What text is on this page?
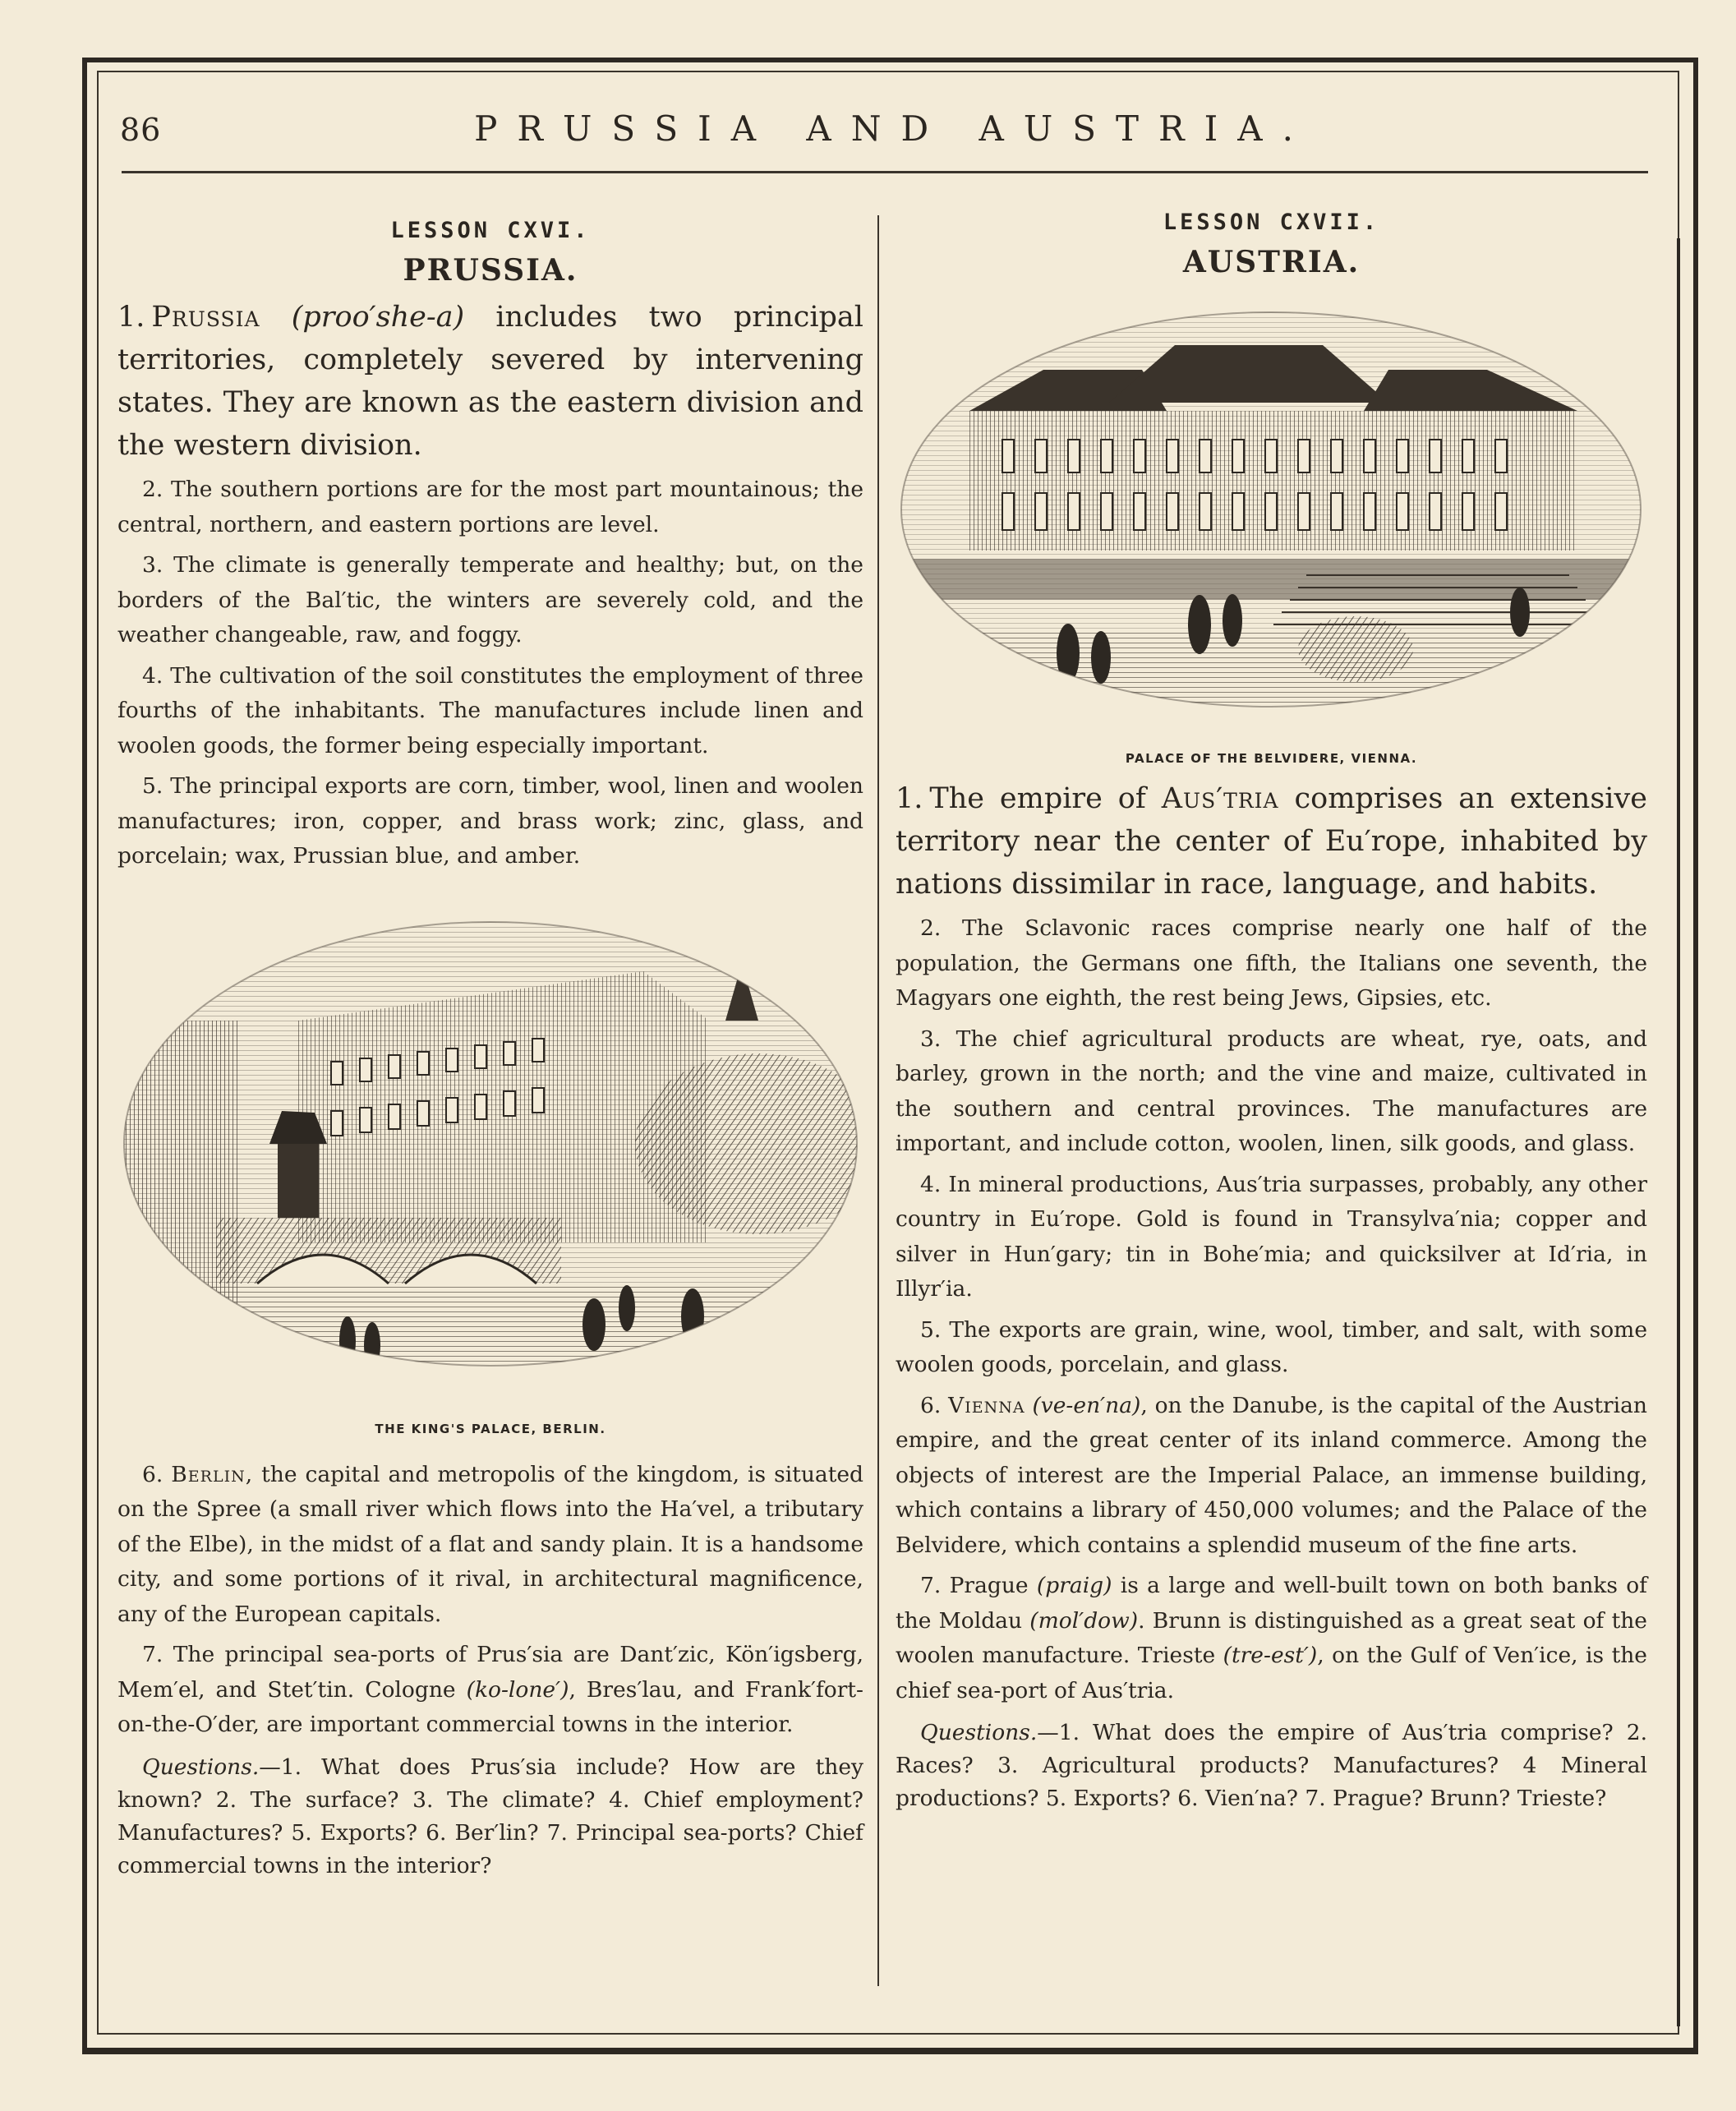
86	PRUSSIA AND AUSTRIA.
LESSON CXVI.
PRUSSIA.

1. Prussia (proo′she-a) includes two principal territories, completely severed by intervening states. They are known as the eastern division and the western division.

2. The southern portions are for the most part mountainous; the central, northern, and eastern portions are level.

3. The climate is generally temperate and healthy; but, on the borders of the Bal′tic, the winters are severely cold, and the weather changeable, raw, and foggy.

4. The cultivation of the soil constitutes the employment of three fourths of the inhabitants. The manufactures include linen and woolen goods, the former being especially important.

5. The principal exports are corn, timber, wool, linen and woolen manufactures; iron, copper, and brass work; zinc, glass, and porcelain; wax, Prussian blue, and amber.

THE KING'S PALACE, BERLIN.

6. Berlin, the capital and metropolis of the kingdom, is situated on the Spree (a small river which flows into the Ha′vel, a tributary of the Elbe), in the midst of a flat and sandy plain. It is a handsome city, and some portions of it rival, in architectural magnificence, any of the European capitals.

7. The principal sea-ports of Prus′sia are Dant′zic, Kön′igsberg, Mem′el, and Stet′tin. Cologne (ko-lone′), Bres′lau, and Frank′fort-on-the-O′der, are important commercial towns in the interior.

Questions.—1. What does Prus′sia include? How are they known? 2. The surface? 3. The climate? 4. Chief employment? Manufactures? 5. Exports? 6. Ber′lin? 7. Principal sea-ports? Chief commercial towns in the interior?

LESSON CXVII.
AUSTRIA.

PALACE OF THE BELVIDERE, VIENNA.

1. The empire of Aus′tria comprises an extensive territory near the center of Eu′rope, inhabited by nations dissimilar in race, language, and habits.

2. The Sclavonic races comprise nearly one half of the population, the Germans one fifth, the Italians one seventh, the Magyars one eighth, the rest being Jews, Gipsies, etc.

3. The chief agricultural products are wheat, rye, oats, and barley, grown in the north; and the vine and maize, cultivated in the southern and central provinces. The manufactures are important, and include cotton, woolen, linen, silk goods, and glass.

4. In mineral productions, Aus′tria surpasses, probably, any other country in Eu′rope. Gold is found in Transylva′nia; copper and silver in Hun′gary; tin in Bohe′mia; and quicksilver at Id′ria, in Illyr′ia.

5. The exports are grain, wine, wool, timber, and salt, with some woolen goods, porcelain, and glass.

6. Vienna (ve-en′na), on the Danube, is the capital of the Austrian empire, and the great center of its inland commerce. Among the objects of interest are the Imperial Palace, an immense building, which contains a library of 450,000 volumes; and the Palace of the Belvidere, which contains a splendid museum of the fine arts.

7. Prague (praig) is a large and well-built town on both banks of the Moldau (mol′dow). Brunn is distinguished as a great seat of the woolen manufacture. Trieste (tre-est′), on the Gulf of Ven′ice, is the chief sea-port of Aus′tria.

Questions.—1. What does the empire of Aus′tria comprise? 2. Races? 3. Agricultural products? Manufactures? 4 Mineral productions? 5. Exports? 6. Vien′na? 7. Prague? Brunn? Trieste?
